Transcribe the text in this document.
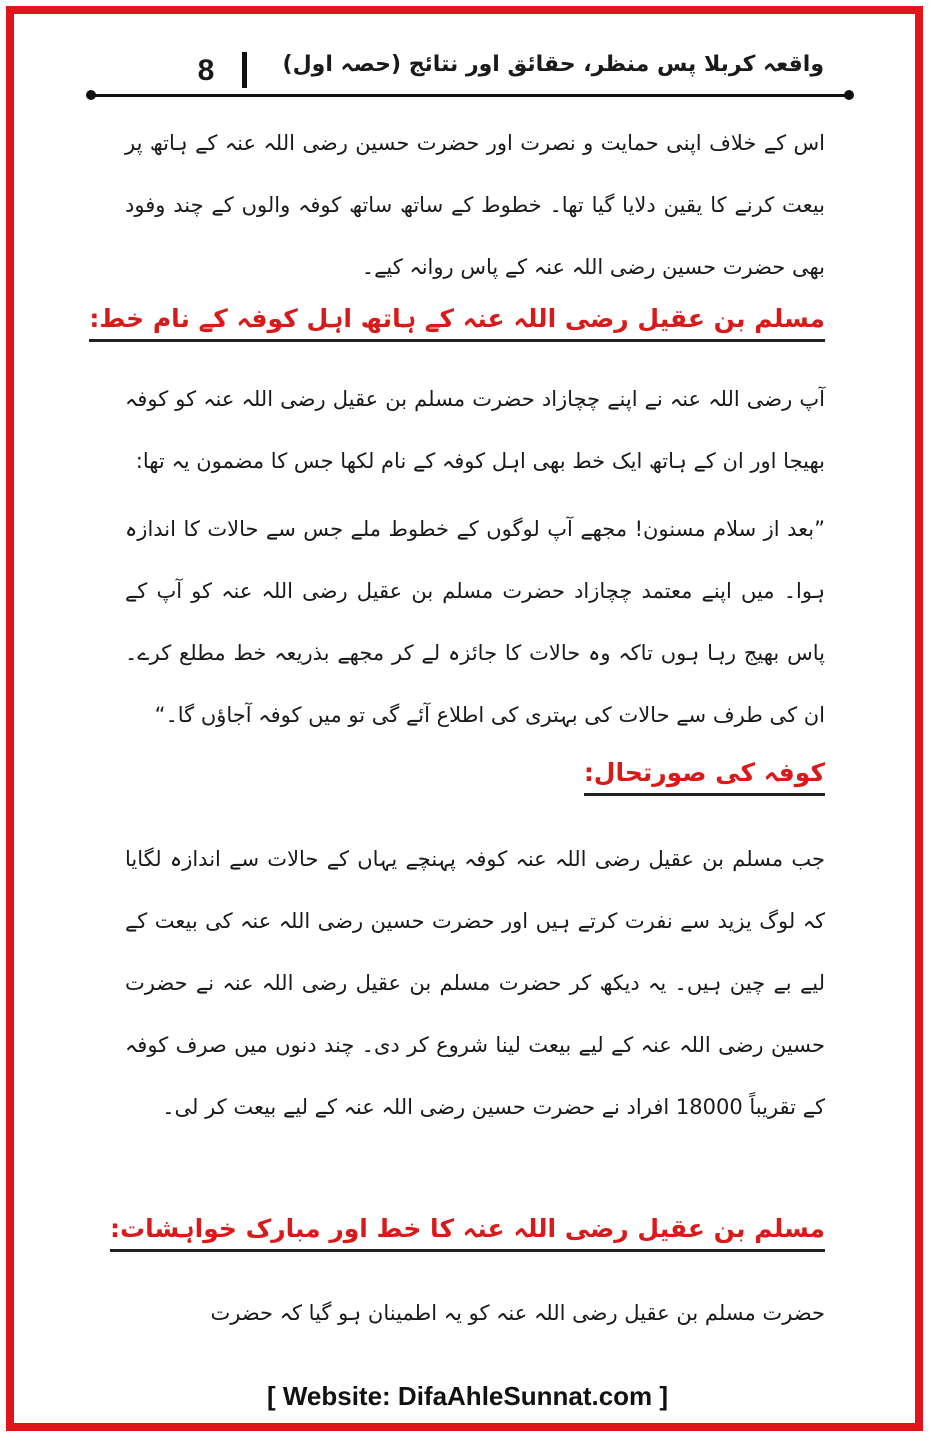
8	واقعہ کربلا پس منظر، حقائق اور نتائج (حصہ اول)
اس کے خلاف اپنی حمایت و نصرت اور حضرت حسین رضی اللہ عنہ کے ہاتھ پر بیعت کرنے کا یقین دلایا گیا تھا۔ خطوط کے ساتھ ساتھ کوفہ والوں کے چند وفود بھی حضرت حسین رضی اللہ عنہ کے پاس روانہ کیے۔
مسلم بن عقیل رضی اللہ عنہ کے ہاتھ اہل کوفہ کے نام خط:
آپ رضی اللہ عنہ نے اپنے چچازاد حضرت مسلم بن عقیل رضی اللہ عنہ کو کوفہ بھیجا اور ان کے ہاتھ ایک خط بھی اہل کوفہ کے نام لکھا جس کا مضمون یہ تھا:
”بعد از سلام مسنون! مجھے آپ لوگوں کے خطوط ملے جس سے حالات کا اندازہ ہوا۔ میں اپنے معتمد چچازاد حضرت مسلم بن عقیل رضی اللہ عنہ کو آپ کے پاس بھیج رہا ہوں تاکہ وہ حالات کا جائزہ لے کر مجھے بذریعہ خط مطلع کرے۔ ان کی طرف سے حالات کی بہتری کی اطلاع آئے گی تو میں کوفہ آجاؤں گا۔“
کوفہ کی صورتحال:
جب مسلم بن عقیل رضی اللہ عنہ کوفہ پہنچے یہاں کے حالات سے اندازہ لگایا کہ لوگ یزید سے نفرت کرتے ہیں اور حضرت حسین رضی اللہ عنہ کی بیعت کے لیے بے چین ہیں۔ یہ دیکھ کر حضرت مسلم بن عقیل رضی اللہ عنہ نے حضرت حسین رضی اللہ عنہ کے لیے بیعت لینا شروع کر دی۔ چند دنوں میں صرف کوفہ کے تقریباً 18000 افراد نے حضرت حسین رضی اللہ عنہ کے لیے بیعت کر لی۔
مسلم بن عقیل رضی اللہ عنہ کا خط اور مبارک خواہشات:
حضرت مسلم بن عقیل رضی اللہ عنہ کو یہ اطمینان ہو گیا کہ حضرت
[ Website: DifaAhleSunnat.com ]
